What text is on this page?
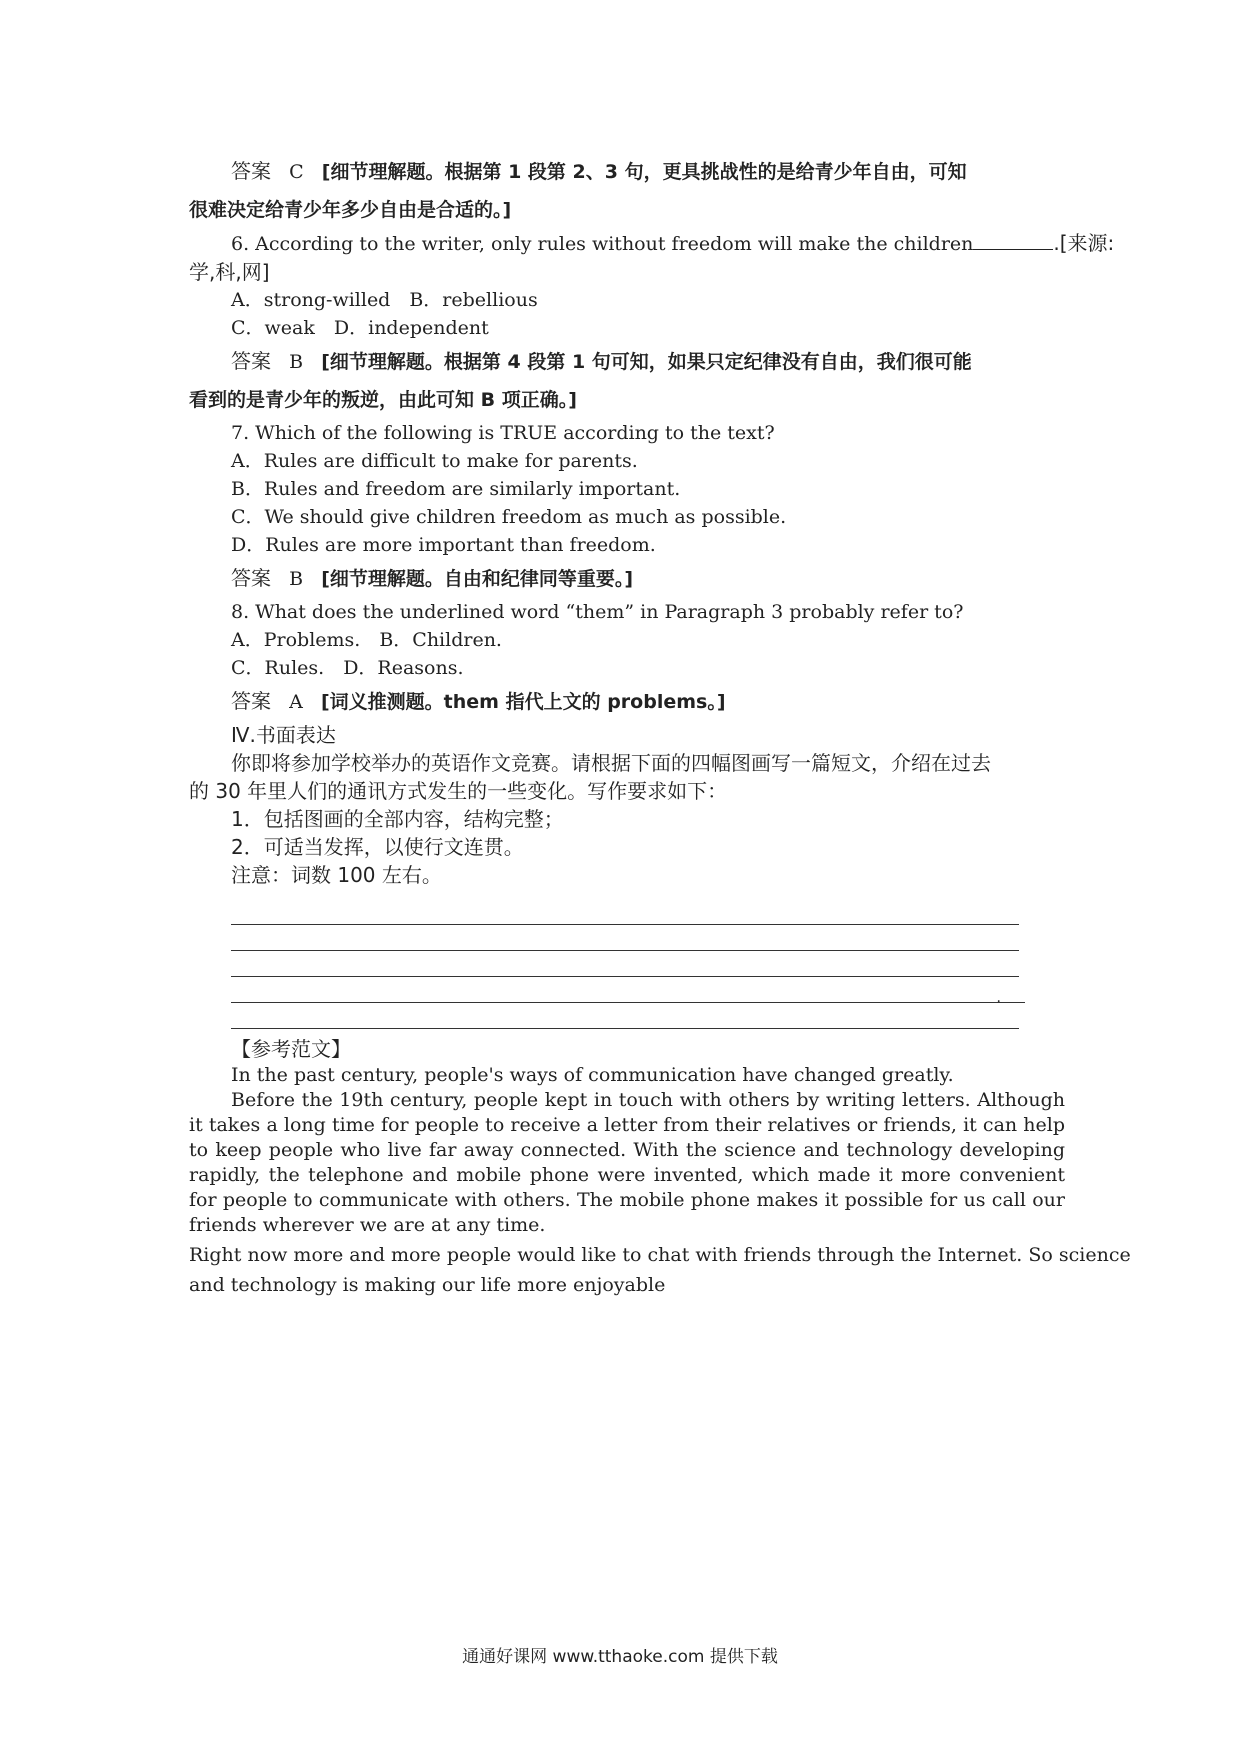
答案 C [细节理解题。根据第 1 段第 2、3 句，更具挑战性的是给青少年自由，可知
很难决定给青少年多少自由是合适的。]
6. According to the writer, only rules without freedom will make the children	.[来源:
学,科,网]
A．strong-willed　B．rebellious
C．weak　D．independent
答案 B [细节理解题。根据第 4 段第 1 句可知，如果只定纪律没有自由，我们很可能
看到的是青少年的叛逆，由此可知 B 项正确。]
7. Which of the following is TRUE according to the text?
A．Rules are difficult to make for parents.
B．Rules and freedom are similarly important.
C．We should give children freedom as much as possible.
D．Rules are more important than freedom.
答案 B [细节理解题。自由和纪律同等重要。]
8. What does the underlined word “them” in Paragraph 3 probably refer to?
A．Problems.　B．Children.
C．Rules.　D．Reasons.
答案 A [词义推测题。them 指代上文的 problems。]
Ⅳ.书面表达
你即将参加学校举办的英语作文竞赛。请根据下面的四幅图画写一篇短文，介绍在过去
的 30 年里人们的通讯方式发生的一些变化。写作要求如下：
1．包括图画的全部内容，结构完整；
2．可适当发挥，以使行文连贯。
注意：词数 100 左右。
.
【参考范文】

In the past century, people's ways of communication have changed greatly.

Before the 19th century, people kept in touch with others by writing letters. Although it takes a long time for people to receive a letter from their relatives or friends, it can help to keep people who live far away connected. With the science and technology developing rapidly, the telephone and mobile phone were invented, which made it more convenient for people to communicate with others. The mobile phone makes it possible for us call our friends wherever we are at any time.

Right now more and more people would like to chat with friends through the Internet. So science
and technology is making our life more enjoyable
通通好课网 www.tthaoke.com 提供下载
